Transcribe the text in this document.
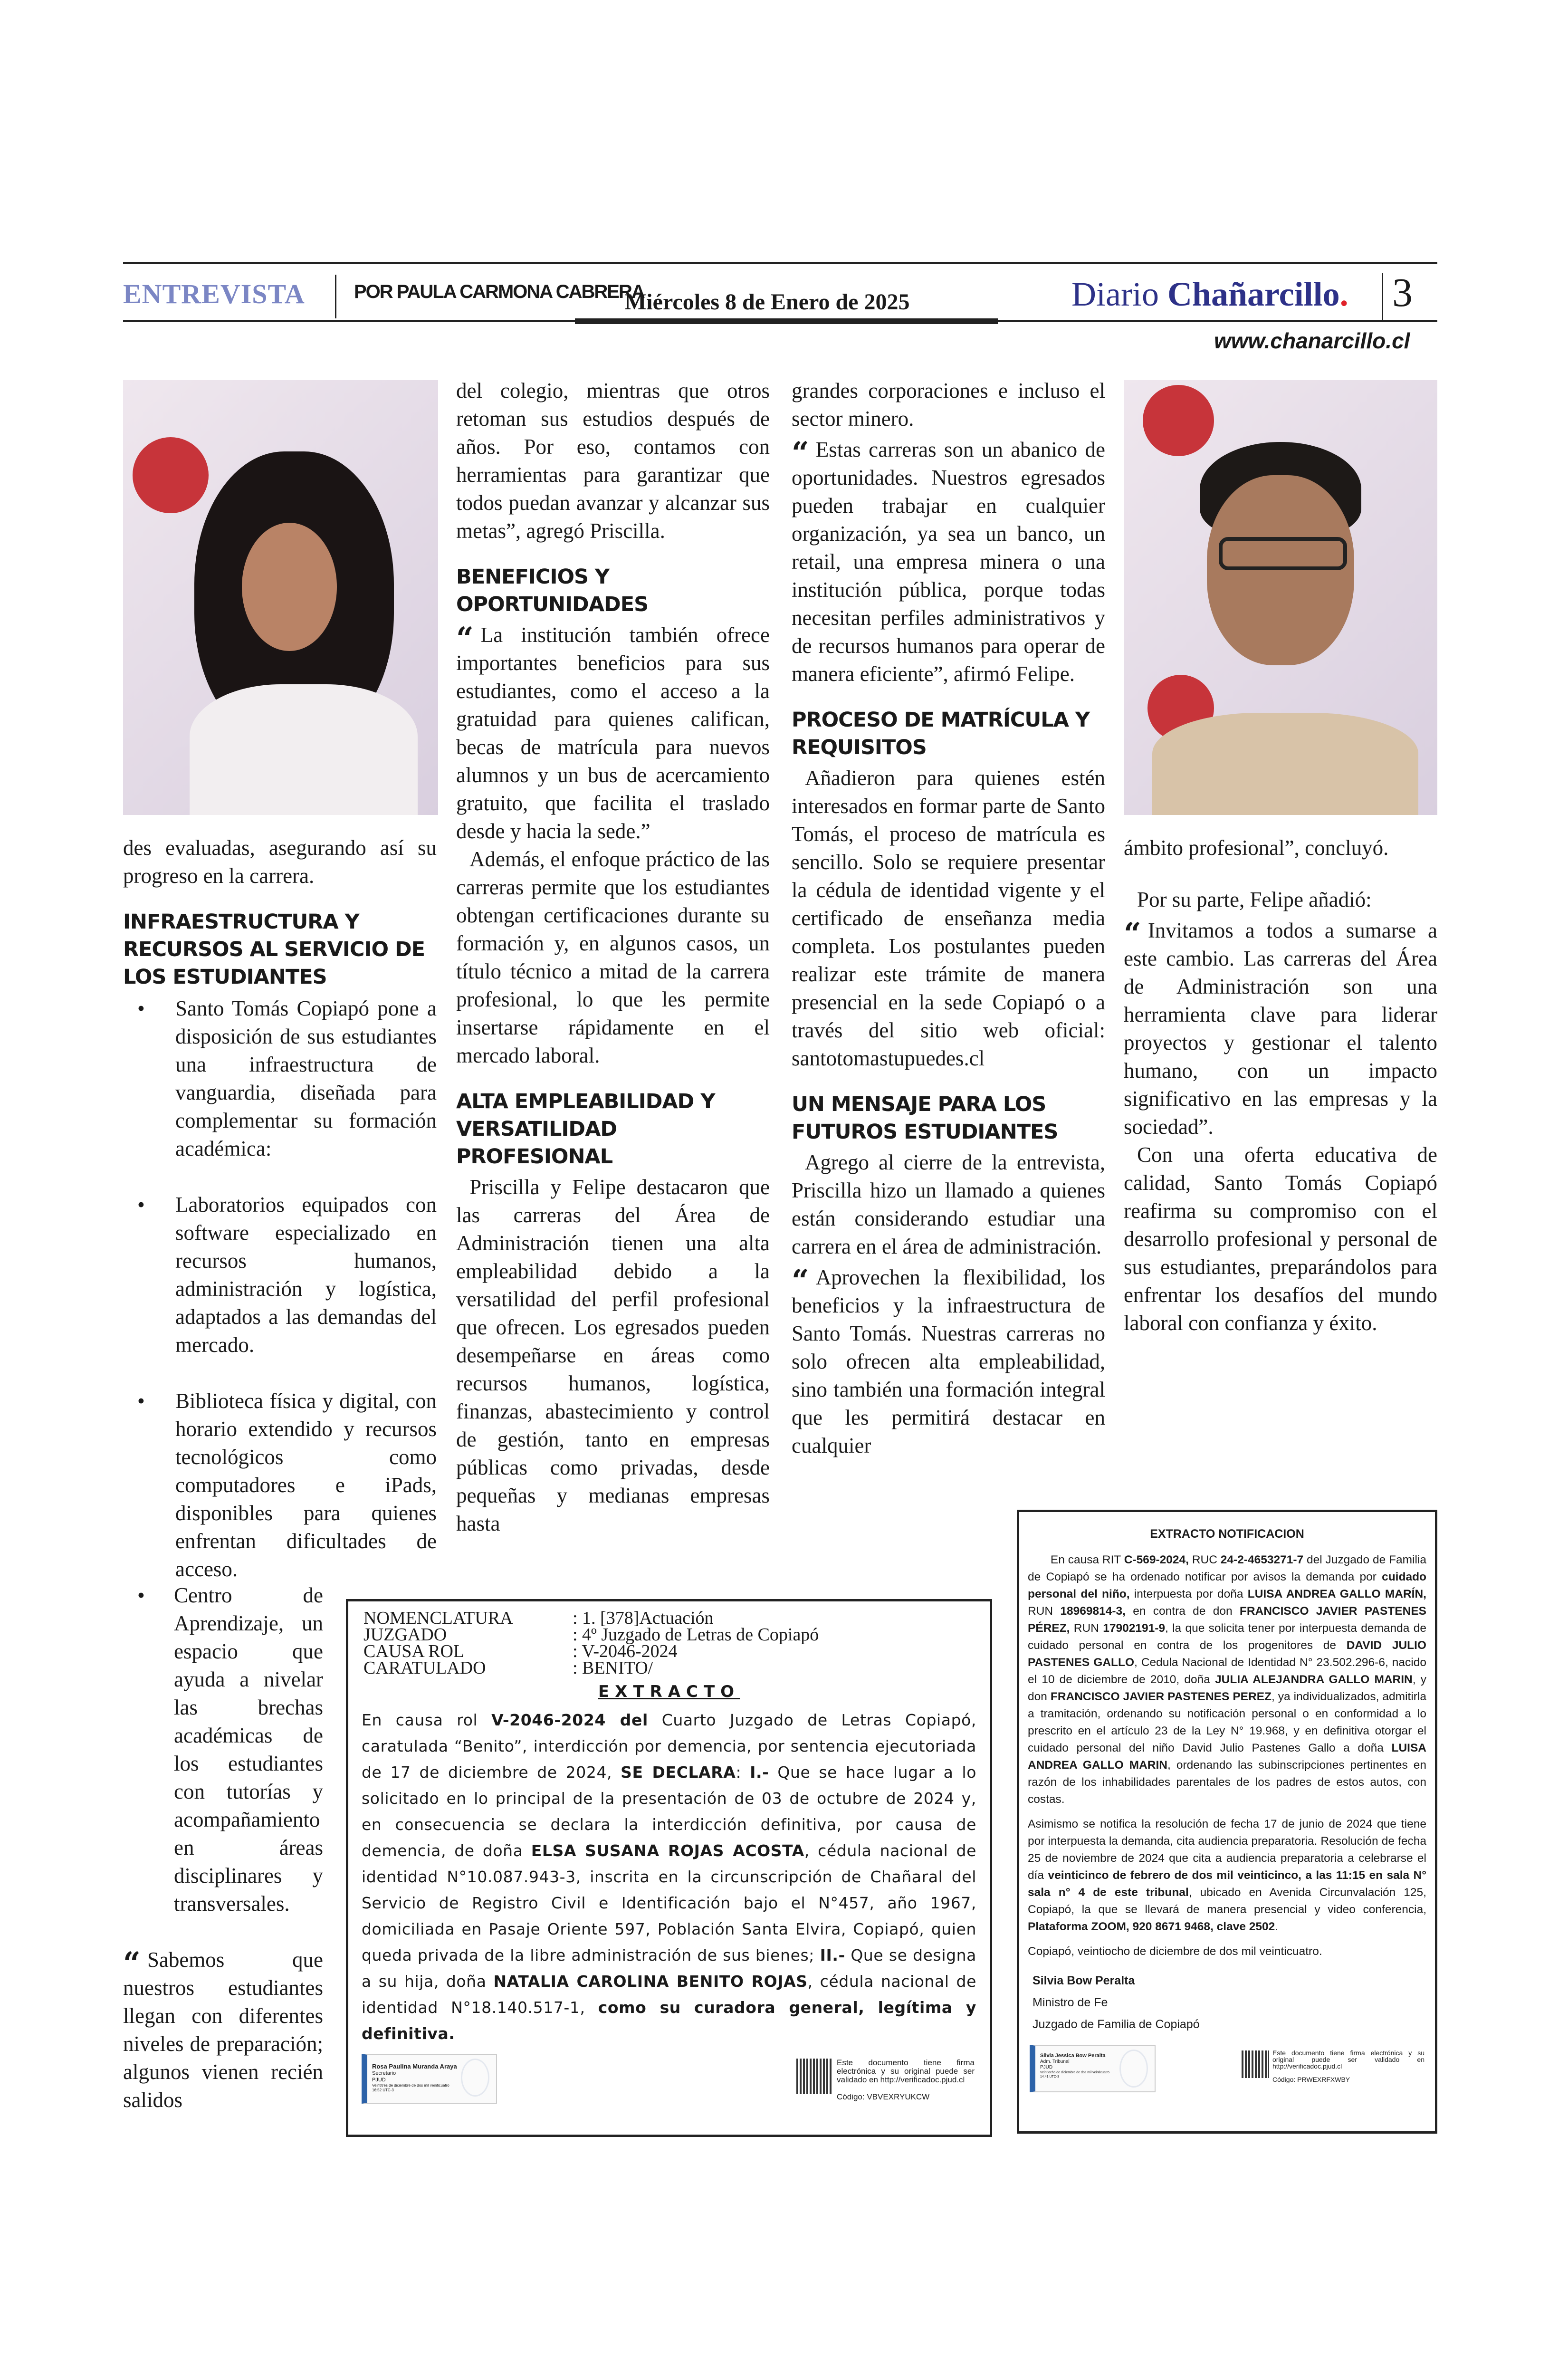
ENTREVISTA	POR PAULA CARMONA CABRERA
Miércoles 8 de Enero de 2025	Diario Chañarcillo. 3
www.chanarcillo.cl

des evaluadas, asegurando así su progreso en la carrera.

INFRAESTRUCTURA Y RECURSOS AL SERVICIO DE LOS ESTUDIANTES
• Santo Tomás Copiapó pone a disposición de sus estudiantes una infraestructura de vanguardia, diseñada para complementar su formación académica:
• Laboratorios equipados con software especializado en recursos humanos, administración y logística, adaptados a las demandas del mercado.
• Biblioteca física y digital, con horario extendido y recursos tecnológicos como computadores e iPads, disponibles para quienes enfrentan dificultades de acceso.
• Centro de Aprendizaje, un espacio que ayuda a nivelar las brechas académicas de los estudiantes con tutorías y acompañamiento en áreas disciplinares y transversales.

“ Sabemos que nuestros estudiantes llegan con diferentes niveles de preparación; algunos vienen recién salidos

del colegio, mientras que otros retoman sus estudios después de años. Por eso, contamos con herramientas para garantizar que todos puedan avanzar y alcanzar sus metas”, agregó Priscilla.

BENEFICIOS Y OPORTUNIDADES

“ La institución también ofrece importantes beneficios para sus estudiantes, como el acceso a la gratuidad para quienes califican, becas de matrícula para nuevos alumnos y un bus de acercamiento gratuito, que facilita el traslado desde y hacia la sede.”

Además, el enfoque práctico de las carreras permite que los estudiantes obtengan certificaciones durante su formación y, en algunos casos, un título técnico a mitad de la carrera profesional, lo que les permite insertarse rápidamente en el mercado laboral.

ALTA EMPLEABILIDAD Y VERSATILIDAD PROFESIONAL

Priscilla y Felipe destacaron que las carreras del Área de Administración tienen una alta empleabilidad debido a la versatilidad del perfil profesional que ofrecen. Los egresados pueden desempeñarse en áreas como recursos humanos, logística, finanzas, abastecimiento y control de gestión, tanto en empresas públicas como privadas, desde pequeñas y medianas empresas hasta

grandes corporaciones e incluso el sector minero.

“ Estas carreras son un abanico de oportunidades. Nuestros egresados pueden trabajar en cualquier organización, ya sea un banco, un retail, una empresa minera o una institución pública, porque todas necesitan perfiles administrativos y de recursos humanos para operar de manera eficiente”, afirmó Felipe.

PROCESO DE MATRÍCULA Y REQUISITOS

Añadieron para quienes estén interesados en formar parte de Santo Tomás, el proceso de matrícula es sencillo. Solo se requiere presentar la cédula de identidad vigente y el certificado de enseñanza media completa. Los postulantes pueden realizar este trámite de manera presencial en la sede Copiapó o a través del sitio web oficial: santotomastupuedes.cl

UN MENSAJE PARA LOS FUTUROS ESTUDIANTES

Agrego al cierre de la entrevista, Priscilla hizo un llamado a quienes están considerando estudiar una carrera en el área de administración.

“ Aprovechen la flexibilidad, los beneficios y la infraestructura de Santo Tomás. Nuestras carreras no solo ofrecen alta empleabilidad, sino también una formación integral que les permitirá destacar en cualquier

ámbito profesional”, concluyó.

Por su parte, Felipe añadió:

“ Invitamos a todos a sumarse a este cambio. Las carreras del Área de Administración son una herramienta clave para liderar proyectos y gestionar el talento humano, con un impacto significativo en las empresas y la sociedad”.

Con una oferta educativa de calidad, Santo Tomás Copiapó reafirma su compromiso con el desarrollo profesional y personal de sus estudiantes, preparándolos para enfrentar los desafíos del mundo laboral con confianza y éxito.

NOMENCLATURA	: 1. [378]Actuación
JUZGADO	: 4º Juzgado de Letras de Copiapó
CAUSA ROL	: V-2046-2024
CARATULADO	: BENITO/
EXTRACTO
En causa rol V-2046-2024 del Cuarto Juzgado de Letras Copiapó, caratulada “Benito”, interdicción por demencia, por sentencia ejecutoriada de 17 de diciembre de 2024, SE DECLARA: I.- Que se hace lugar a lo solicitado en lo principal de la presentación de 03 de octubre de 2024 y, en consecuencia se declara la interdicción definitiva, por causa de demencia, de doña ELSA SUSANA ROJAS ACOSTA, cédula nacional de identidad N°10.087.943-3, inscrita en la circunscripción de Chañaral del Servicio de Registro Civil e Identificación bajo el N°457, año 1967, domiciliada en Pasaje Oriente 597, Población Santa Elvira, Copiapó, quien queda privada de la libre administración de sus bienes; II.- Que se designa a su hija, doña NATALIA CAROLINA BENITO ROJAS, cédula nacional de identidad N°18.140.517-1, como su curadora general, legítima y definitiva.
Rosa Paulina Muranda Araya
Secretario
PJUD
Veintitrés de diciembre de dos mil veinticuatro
16:52 UTC-3
Este documento tiene firma electrónica y su original puede ser validado en http://verificadoc.pjud.cl

Código: VBVEXRYUKCW
EXTRACTO NOTIFICACION

En causa RIT C-569-2024, RUC 24-2-4653271-7 del Juzgado de Familia de Copiapó se ha ordenado notificar por avisos la demanda por cuidado personal del niño, interpuesta por doña LUISA ANDREA GALLO MARÍN, RUN 18969814-3, en contra de don FRANCISCO JAVIER PASTENES PÉREZ, RUN 17902191-9, la que solicita tener por interpuesta demanda de cuidado personal en contra de los progenitores de DAVID JULIO PASTENES GALLO, Cedula Nacional de Identidad N° 23.502.296-6, nacido el 10 de diciembre de 2010, doña JULIA ALEJANDRA GALLO MARIN, y don FRANCISCO JAVIER PASTENES PEREZ, ya individualizados, admitirla a tramitación, ordenando su notificación personal o en conformidad a lo prescrito en el artículo 23 de la Ley N° 19.968, y en definitiva otorgar el cuidado personal del niño David Julio Pastenes Gallo a doña LUISA ANDREA GALLO MARIN, ordenando las subinscripciones pertinentes en razón de los inhabilidades parentales de los padres de estos autos, con costas.

Asimismo se notifica la resolución de fecha 17 de junio de 2024 que tiene por interpuesta la demanda, cita audiencia preparatoria. Resolución de fecha 25 de noviembre de 2024 que cita a audiencia preparatoria a celebrarse el día veinticinco de febrero de dos mil veinticinco, a las 11:15 en sala N° sala n° 4 de este tribunal, ubicado en Avenida Circunvalación 125, Copiapó, la que se llevará de manera presencial y video conferencia, Plataforma ZOOM, 920 8671 9468, clave 2502.

Copiapó, veintiocho de diciembre de dos mil veinticuatro.

Silvia Bow Peralta
Ministro de Fe
Juzgado de Familia de Copiapó
Silvia Jessica Bow Peralta
Adm. Tribunal
PJUD
Veintiocho de diciembre de dos mil veinticuatro
14:41 UTC-3
Este documento tiene firma electrónica y su original puede ser validado en http://verificadoc.pjud.cl

Código: PRWEXRFXWBY
